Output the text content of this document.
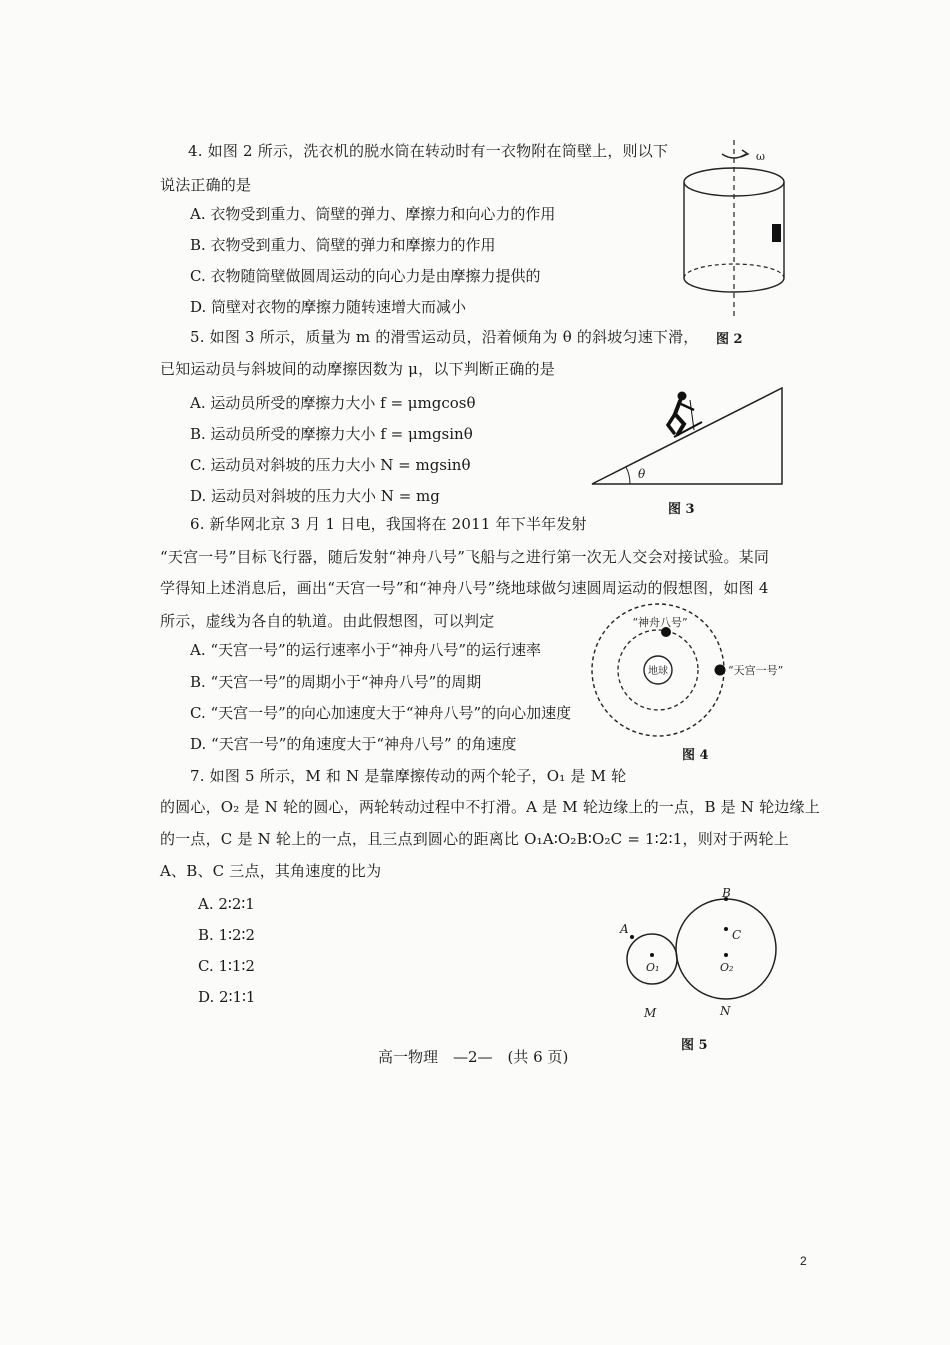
4. 如图 2 所示，洗衣机的脱水筒在转动时有一衣物附在筒壁上，则以下
说法正确的是
A. 衣物受到重力、筒壁的弹力、摩擦力和向心力的作用
B. 衣物受到重力、筒壁的弹力和摩擦力的作用
C. 衣物随筒壁做圆周运动的向心力是由摩擦力提供的
D. 筒壁对衣物的摩擦力随转速增大而减小
ω
图 2
5. 如图 3 所示，质量为 m 的滑雪运动员，沿着倾角为 θ 的斜坡匀速下滑，
已知运动员与斜坡间的动摩擦因数为 μ，以下判断正确的是
A. 运动员所受的摩擦力大小 f = μmgcosθ
B. 运动员所受的摩擦力大小 f = μmgsinθ
C. 运动员对斜坡的压力大小 N = mgsinθ
D. 运动员对斜坡的压力大小 N = mg
θ
图 3
6. 新华网北京 3 月 1 日电，我国将在 2011 年下半年发射
“天宫一号”目标飞行器，随后发射“神舟八号”飞船与之进行第一次无人交会对接试验。某同
学得知上述消息后，画出“天宫一号”和“神舟八号”绕地球做匀速圆周运动的假想图，如图 4
所示，虚线为各自的轨道。由此假想图，可以判定
A. “天宫一号”的运行速率小于“神舟八号”的运行速率
B. “天宫一号”的周期小于“神舟八号”的周期
C. “天宫一号”的向心加速度大于“神舟八号”的向心加速度
D. “天宫一号”的角速度大于“神舟八号” 的角速度
地球
“神舟八号”
“天宫一号”
图 4
7. 如图 5 所示，M 和 N 是靠摩擦传动的两个轮子，O₁ 是 M 轮
的圆心，O₂ 是 N 轮的圆心，两轮转动过程中不打滑。A 是 M 轮边缘上的一点，B 是 N 轮边缘上
的一点，C 是 N 轮上的一点，且三点到圆心的距离比 O₁A∶O₂B∶O₂C = 1∶2∶1，则对于两轮上
A、B、C 三点，其角速度的比为
A. 2∶2∶1
B. 1∶2∶2
C. 1∶1∶2
D. 2∶1∶1
A
B
C
O₁	O₂
M	N
图 5
高一物理　—2—　(共 6 页)
2
